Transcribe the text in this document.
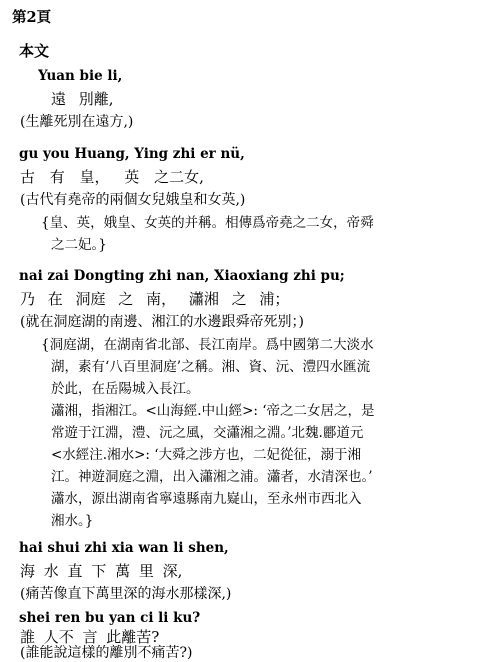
第2頁
本文
Yuan bie li,
遠 別離,
(生離死別在遠方,)
gu you Huang, Ying zhi er nü,
古 有 皇， 英 之二女,
(古代有堯帝的兩個女兒娥皇和女英,)
{皇、英，娥皇、女英的并稱。相傳爲帝堯之二女，帝舜
之二妃。}
nai zai Dongting zhi nan, Xiaoxiang zhi pu;
乃 在 洞庭 之 南， 瀟湘 之 浦；
(就在洞庭湖的南邊、湘江的水邊跟舜帝死别；)
{洞庭湖，在湖南省北部、長江南岸。爲中國第二大淡水
湖，素有‘八百里洞庭’之稱。湘、資、沅、澧四水匯流
於此，在岳陽城入長江。
瀟湘，指湘江。<山海經.中山經>: ‘帝之二女居之，是
常遊于江淵，澧、沅之風，交瀟湘之淵。’北魏.酈道元
<水經注.湘水>: ‘大舜之涉方也，二妃從征，溺于湘
江。神遊洞庭之淵，出入瀟湘之浦。瀟者，水清深也。’
瀟水，源出湖南省寧遠縣南九嶷山，至永州市西北入
湘水。}
hai shui zhi xia wan li shen,
海 水 直 下 萬 里 深,
(痛苦像直下萬里深的海水那樣深,)
shei ren bu yan ci li ku?
誰 人不 言 此離苦?
(誰能說這樣的離別不痛苦?)
